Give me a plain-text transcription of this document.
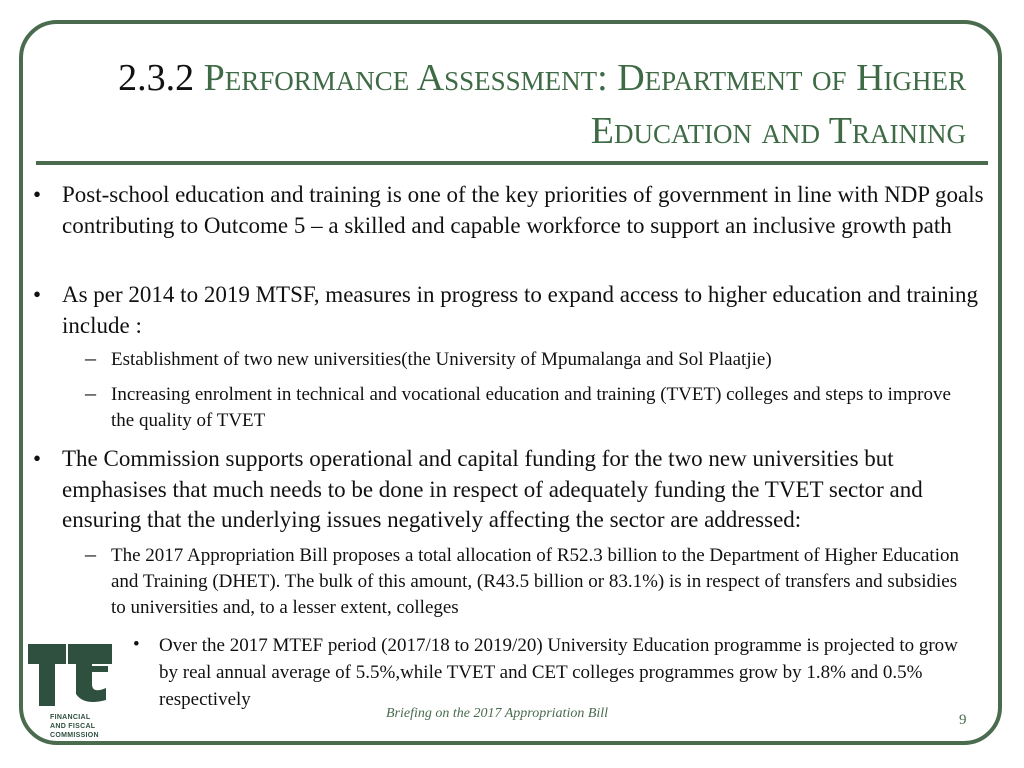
2.3.2 Performance Assessment: Department of Higher Education and Training
• Post-school education and training is one of the key priorities of government in line with NDP goals contributing to Outcome 5 – a skilled and capable workforce to support an inclusive growth path
• As per 2014 to 2019 MTSF, measures in progress to expand access to higher education and training include :
– Establishment of two new universities(the University of Mpumalanga and Sol Plaatjie)
– Increasing enrolment in technical and vocational education and training (TVET) colleges and steps to improve the quality of TVET
• The Commission supports operational and capital funding for the two new universities but emphasises that much needs to be done in respect of adequately funding the TVET sector and ensuring that the underlying issues negatively affecting the sector are addressed:
– The 2017 Appropriation Bill proposes a total allocation of R52.3 billion to the Department of Higher Education and Training (DHET). The bulk of this amount, (R43.5 billion or 83.1%) is in respect of transfers and subsidies to universities and, to a lesser extent, colleges
• Over the 2017 MTEF period (2017/18 to 2019/20) University Education programme is projected to grow by real annual average of 5.5%,while TVET and CET colleges programmes grow by 1.8% and 0.5% respectively
FINANCIAL
AND FISCAL
COMMISSION
Briefing on the 2017 Appropriation Bill	9
